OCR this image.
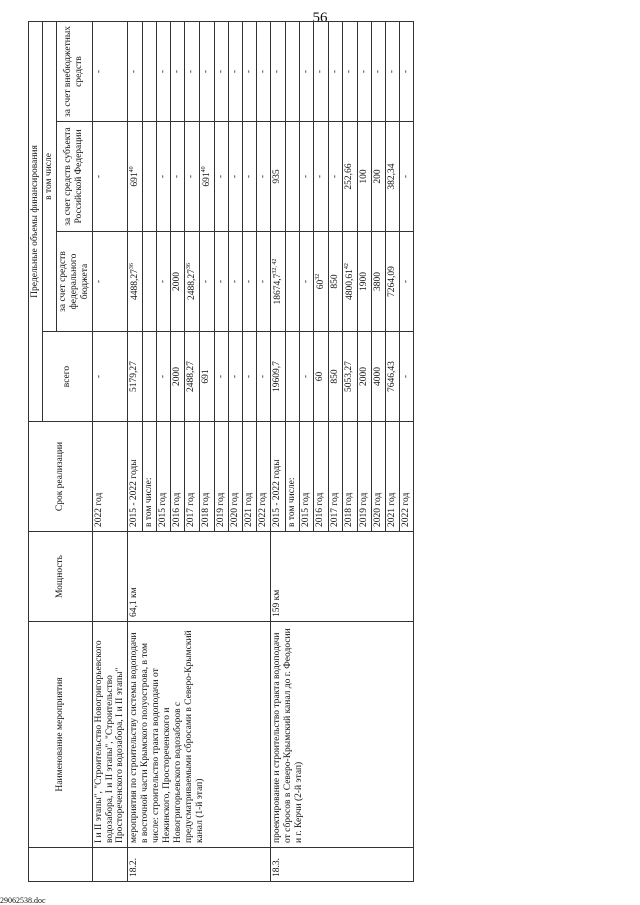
56
	Наименование мероприятия	Мощность	Срок реализации	Предельные объемы финансирования			
				всего	в том числе		
					за счет средств федерального бюджета	за счет средств субъекта Российской Федерации	за счет внебюджетных средств
	I и II этапы", "Строительство Новогригорьевского водозабора, I и II этапы", "Строительство Простореченского водозабора, I и II этапы"		2022 год	-	-	-	-
18.2.	мероприятия по строительству системы водоподачи в восточной части Крымского полуострова, в том числе: строительство тракта водоподачи от Нежинского, Простореченского и Новогригорьевского водозаборов с предусматриваемыми сбросами в Северо-Крымский канал (1-й этап)	64,1 км	2015 - 2022 годы	5179,27	4488,27$^{36}$	$691^{40}$	-
			в том числе:				
			2015 год	-	-	-	-
			2016 год	2000	2000	-	-
			2017 год	2488,27	2488,27$^{36}$	-	-
			2018 год	691	-	$691^{40}$	-
			2019 год	-	-	-	-
			2020 год	-	-	-	-
			2021 год	-	-	-	-
			2022 год	-	-	-	-
18.3.	проектирование и строительство тракта водоподачи от сбросов в Северо-Крымский канал до г. Феодосии и г. Керчи (2-й этап)	159 км	2015 - 2022 годы	19609,7	18674,7$^{32, 42}$	935	-
			в том числе:				
			2015 год	-	-	-	-
			2016 год	60	$60^{32}$	-	-
			2017 год	850	850	-	-
			2018 год	5053,27	4800,61$^{42}$	252,66	-
			2019 год	2000	1900	100	-
			2020 год	4000	3800	200	-
			2021 год	7646,43	7264,09	382,34	-
			2022 год	-	-	-	-
29062538.doc
